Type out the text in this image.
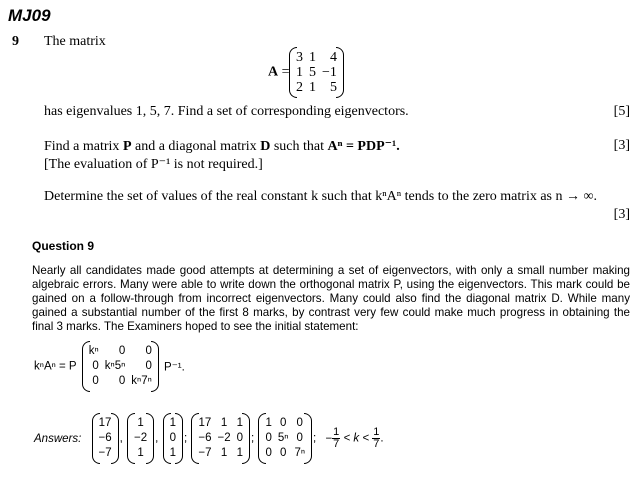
MJ09
9 The matrix
A =
3	1	4
1	5	−1
2	1	5
has eigenvalues 1, 5, 7. Find a set of corresponding eigenvectors.	[5]
Find a matrix P and a diagonal matrix D such that Aⁿ = PDP⁻¹.	[3]
[The evaluation of P⁻¹ is not required.]
Determine the set of values of the real constant k such that kⁿAⁿ tends to the zero matrix as n → ∞.
[3]
Question 9
Nearly all candidates made good attempts at determining a set of eigenvectors, with only a small number making algebraic errors. Many were able to write down the orthogonal matrix P, using the eigenvectors. This mark could be gained on a follow-through from incorrect eigenvectors. Many could also find the diagonal matrix D. While many gained a substantial number of the first 8 marks, by contrast very few could make much progress in obtaining the final 3 marks. The Examiners hoped to see the initial statement:
kⁿAⁿ = P
kⁿ	0	0
0	kⁿ5ⁿ	0
0	0	kⁿ7ⁿ
P⁻¹.
Answers:
17
−6
−7
,
1
−2
1
,
1
0
1
;
17	1	1
−6	−2	0
−7	1	1
;
1	0	0
0	5ⁿ	0
0	0	7ⁿ
; − $\frac{1}{7} < k < \frac{1}{7}$ .
